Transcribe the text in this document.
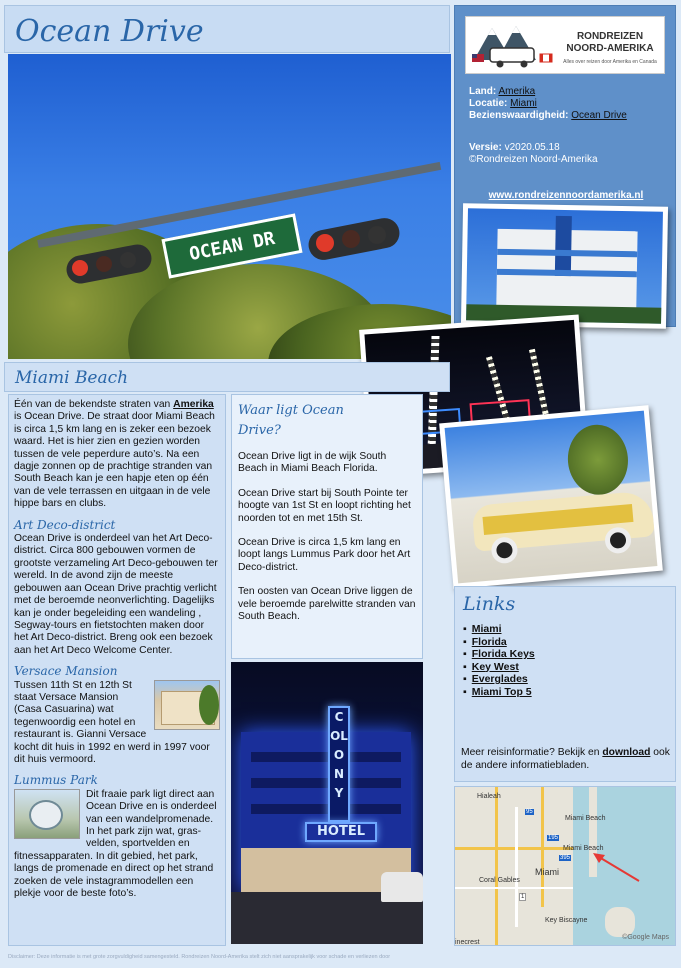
Ocean Drive
OCEAN DR
RONDREIZEN
NOORD-AMERIKA
Alles over reizen door Amerika en Canada
Land: Amerika
Locatie: Miami
Bezienswaardigheid: Ocean Drive
Versie: v2020.05.18
©Rondreizen Noord-Amerika
www.rondreizennoordamerika.nl
Miami Beach

Één van de bekendste straten van Amerika is Ocean Drive. De straat door Miami Beach is circa 1,5 km lang en is zeker een bezoek waard. Het is hier zien en gezien worden tussen de vele peperdure auto’s. Na een dagje zonnen op de prachtige stranden van South Beach kan je een hapje eten op één van de vele terrassen en uitgaan in de vele hippe bars en clubs.

Art Deco-district

Ocean Drive is onderdeel van het Art Deco-district. Circa 800 gebouwen vormen de grootste verzameling Art Deco-gebouwen ter wereld. In de avond zijn de meeste gebouwen aan Ocean Drive prachtig verlicht met de beroemde neonverlichting. Dagelijks kan je onder begeleiding een wandeling , Segway-tours en fietstochten maken door het Art Deco-district. Breng ook een bezoek aan het Art Deco Welcome Center.

Versace Mansion

Tussen 11th St en 12th St staat Versace Mansion (Casa Casuarina) wat tegenwoordig een hotel en restaurant is. Gianni Versace kocht dit huis in 1992 en werd in 1997 voor dit huis vermoord.

Lummus Park

Dit fraaie park ligt direct aan Ocean Drive en is onderdeel van een wandelpromenade. In het park zijn wat, gras-velden, sportvelden en fitnessapparaten. In dit gebied, het park, langs de promenade en direct op het strand zoeken de vele instagrammodellen een plekje voor de beste foto’s.

Waar ligt Ocean Drive?

Ocean Drive ligt in de wijk South Beach in Miami Beach Florida.

Ocean Drive start bij South Pointe ter hoogte van 1st St en loopt richting het noorden tot en met 15th St.

Ocean Drive is circa 1,5 km lang en loopt langs Lummus Park door het Art Deco-district.

Ten oosten van Ocean Drive liggen de vele beroemde parelwitte stranden van South Beach.

COLONY
HOTEL
Links
▪ Miami
▪ Florida
▪ Florida Keys
▪ Key West
▪ Everglades
▪ Miami Top 5
Meer reisinformatie? Bekijk en download ook de andere informatiebladen.
Hialeah
Miami Beach
Miami Beach
Miami
Coral Gables
Key Biscayne
inecrest
195
395
1
95
©Google Maps
Disclaimer: Deze informatie is met grote zorgvuldigheid samengesteld. Rondreizen Noord-Amerika stelt zich niet aansprakelijk voor schade en verliezen door
